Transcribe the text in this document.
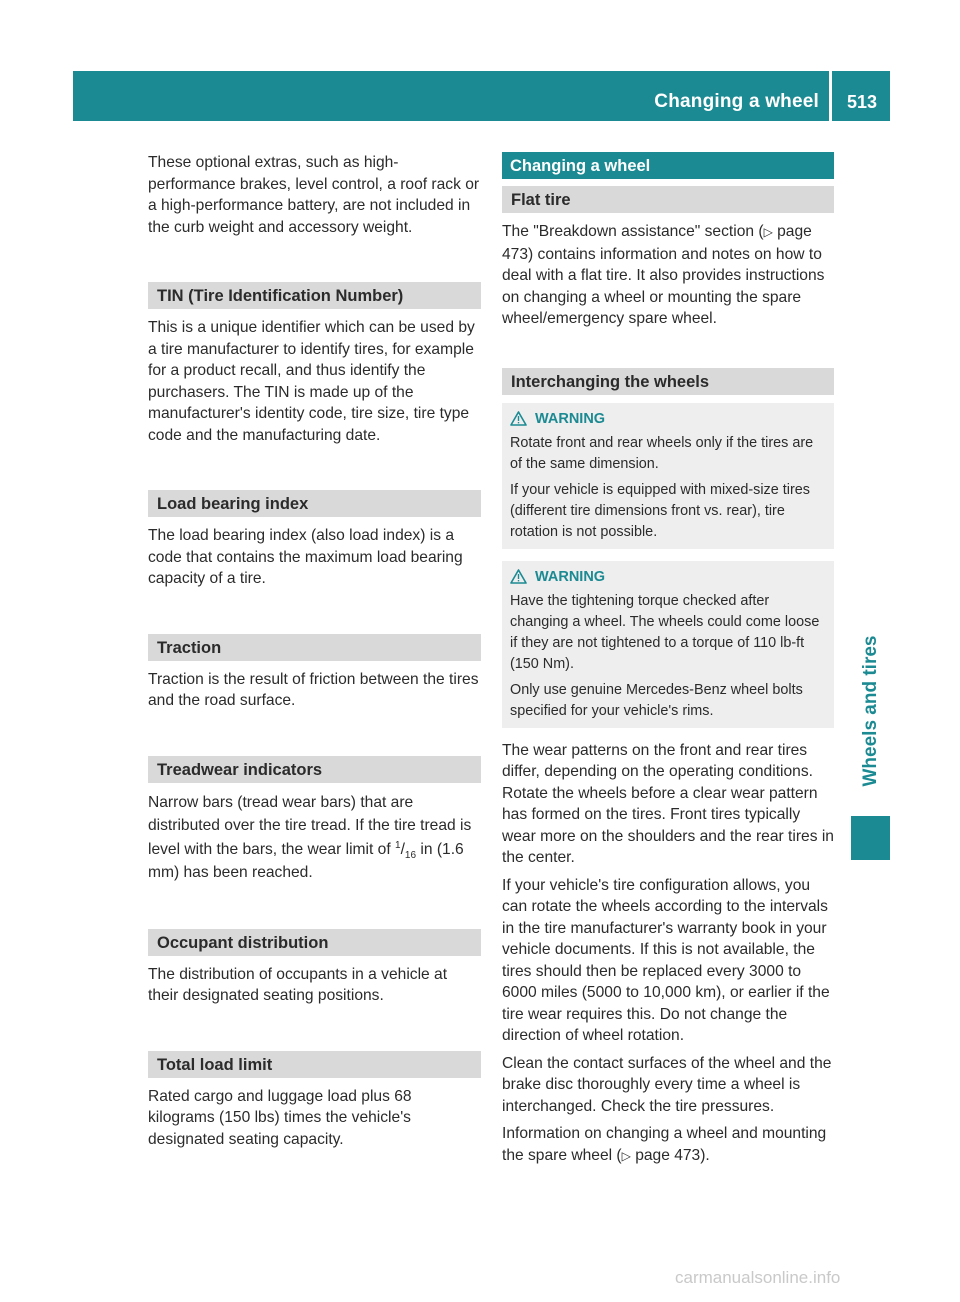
Changing a wheel	513
Wheels and tires

These optional extras, such as high-performance brakes, level control, a roof rack or a high-performance battery, are not included in the curb weight and accessory weight.

TIN (Tire Identification Number)

This is a unique identifier which can be used by a tire manufacturer to identify tires, for example for a product recall, and thus identify the purchasers. The TIN is made up of the manufacturer's identity code, tire size, tire type code and the manufacturing date.

Load bearing index

The load bearing index (also load index) is a code that contains the maximum load bearing capacity of a tire.

Traction

Traction is the result of friction between the tires and the road surface.

Treadwear indicators

Narrow bars (tread wear bars) that are distributed over the tire tread. If the tire tread is level with the bars, the wear limit of $^1/_{16}$ in (1.6 mm) has been reached.

Occupant distribution

The distribution of occupants in a vehicle at their designated seating positions.

Total load limit

Rated cargo and luggage load plus 68 kilograms (150 lbs) times the vehicle's designated seating capacity.

Changing a wheel
Flat tire

The "Breakdown assistance" section (▷ page 473) contains information and notes on how to deal with a flat tire. It also provides instructions on changing a wheel or mounting the spare wheel/emergency spare wheel.

Interchanging the wheels
WARNING

Rotate front and rear wheels only if the tires are of the same dimension.

If your vehicle is equipped with mixed-size tires (different tire dimensions front vs. rear), tire rotation is not possible.

WARNING

Have the tightening torque checked after changing a wheel. The wheels could come loose if they are not tightened to a torque of 110 lb-ft (150 Nm).

Only use genuine Mercedes-Benz wheel bolts specified for your vehicle's rims.

The wear patterns on the front and rear tires differ, depending on the operating conditions. Rotate the wheels before a clear wear pattern has formed on the tires. Front tires typically wear more on the shoulders and the rear tires in the center.

If your vehicle's tire configuration allows, you can rotate the wheels according to the intervals in the tire manufacturer's warranty book in your vehicle documents. If this is not available, the tires should then be replaced every 3000 to 6000 miles (5000 to 10,000 km), or earlier if the tire wear requires this. Do not change the direction of wheel rotation.

Clean the contact surfaces of the wheel and the brake disc thoroughly every time a wheel is interchanged. Check the tire pressures.

Information on changing a wheel and mounting the spare wheel (▷ page 473).

carmanualsonline.info
